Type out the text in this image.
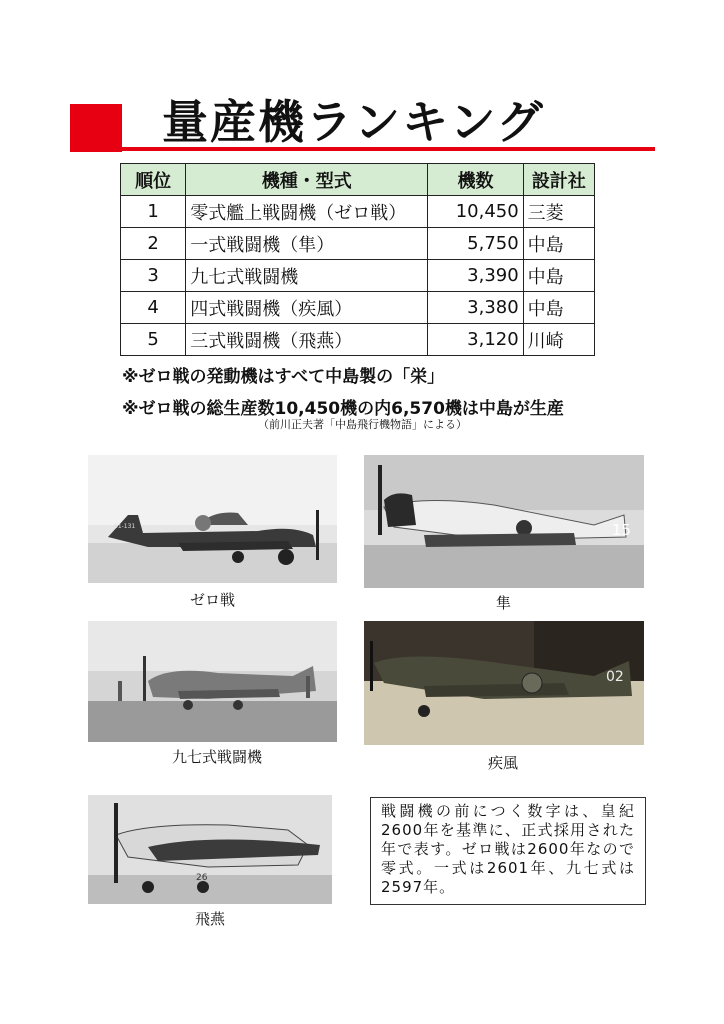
量産機ランキング
順位	機種・型式	機数	設計社
1	零式艦上戦闘機（ゼロ戦）	10,450	三菱
2	一式戦闘機（隼）	5,750	中島
3	九七式戦闘機	3,390	中島
4	四式戦闘機（疾風）	3,380	中島
5	三式戦闘機（飛燕）	3,120	川崎
※ゼロ戦の発動機はすべて中島製の「栄」
※ゼロ戦の総生産数10,450機の内6,570機は中島が生産
（前川正夫著「中島飛行機物語」による）
61-131
ゼロ戦
15
隼
九七式戦闘機
02
疾風
26
飛燕
戦闘機の前につく数字は、皇紀2600年を基準に、正式採用された年で表す。ゼロ戦は2600年なので零式。一式は2601年、九七式は2597年。
